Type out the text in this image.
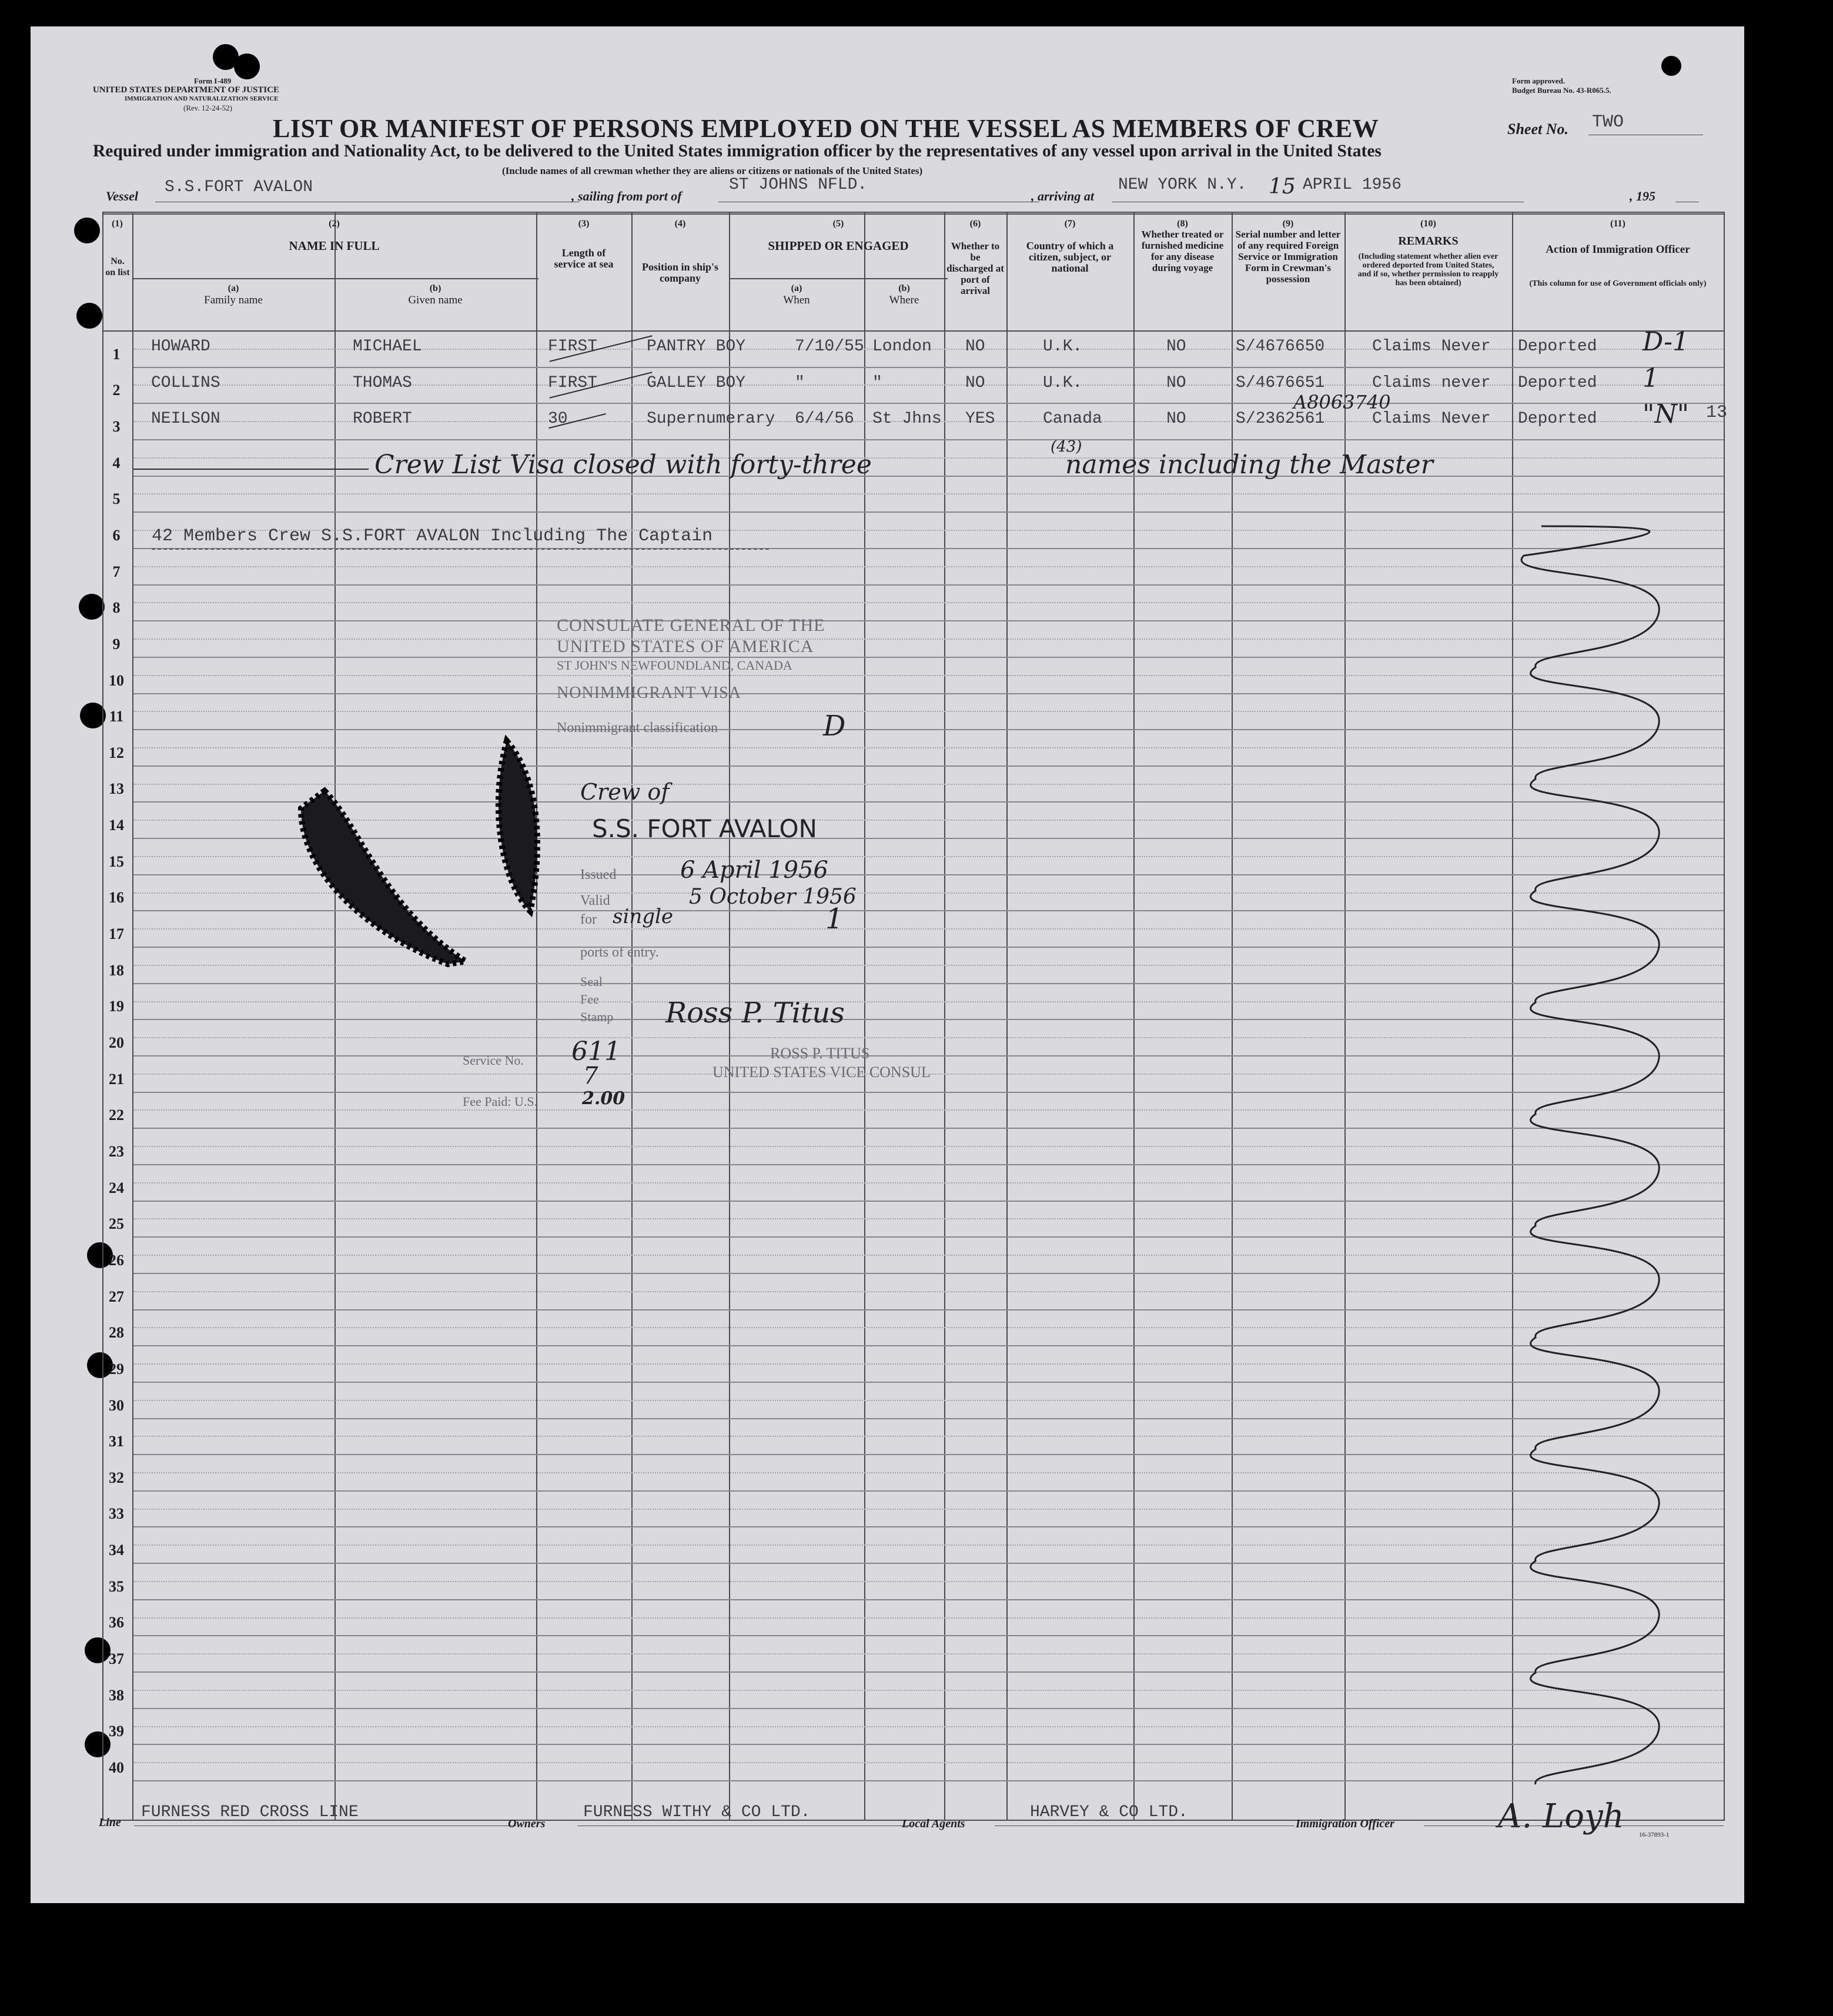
Form I-489
UNITED STATES DEPARTMENT OF JUSTICE
IMMIGRATION AND NATURALIZATION SERVICE
(Rev. 12-24-52)
Form approved.
Budget Bureau No. 43-R065.5.
LIST OR MANIFEST OF PERSONS EMPLOYED ON THE VESSEL AS MEMBERS OF CREW	Sheet No. TWO
Required under immigration and Nationality Act, to be delivered to the United States immigration officer by the representatives of any vessel upon arrival in the United States
(Include names of all crewman whether they are aliens or citizens or nationals of the United States)
Vessel S.S.FORT AVALON	, sailing from port of
ST JOHNS NFLD.
, arriving at
NEW YORK N.Y. 15 APRIL 1956
, 195
(1)
No. on list
(2)
NAME IN FULL
(a)
Family name
(b)
Given name
(3)
Length of service at sea
(4)
Position in ship's company
(5)
SHIPPED OR ENGAGED
(a)
When
(b)
Where
(6)
Whether to be discharged at port of arrival
(7)
Country of which a citizen, subject, or national
(8)
Whether treated or furnished medicine for any disease during voyage
(9)
Serial number and letter of any required Foreign Service or Immigration Form in Crewman's possession
(10)
REMARKS
(Including statement whether alien ever ordered deported from United States, and if so, whether permission to reapply has been obtained)
(11)
Action of Immigration Officer
(This column for use of Government officials only)
1
2
3
4
5
6
7
8
9
10
11
12
13
14
15
16
17
18
19
20
21
22
23
24
25
26
27
28
29
30
31
32
33
34
35
36
37
38
39
40
HOWARD	MICHAEL	FIRST	PANTRY BOY	7/10/55 London NO	U.K.	NO	S/4676650	Claims Never Deported D-1
COLLINS	THOMAS	FIRST	GALLEY BOY	"	"	NO	U.K.	NO	S/4676651	Claims never Deported 1
NEILSON	ROBERT	30	Supernumerary 6/4/56 St Jhns YES	Canada	NO	S/2362561	Claims Never Deported "N"
A8063740	13
Crew List Visa closed with forty-three
(43)
names including the Master
42 Members Crew S.S.FORT AVALON Including The Captain
CONSULATE GENERAL OF THE
UNITED STATES OF AMERICA
ST JOHN'S NEWFOUNDLAND, CANADA
NONIMMIGRANT VISA
Nonimmigrant classification	D
Crew of
S.S. FORT AVALON
Issued	6 April 1956
Valid	5 October 1956
for single	1
ports of entry.
Seal
Fee
Stamp Ross P. Titus
ROSS P. TITUS
UNITED STATES VICE CONSUL
Service No. 611
7
Fee Paid: U.S.	2.00
Line
FURNESS RED CROSS LINE
Owners
FURNESS WITHY & CO LTD.
Local Agents
HARVEY & CO LTD.
Immigration Officer	A. Loyh 16-37893-1
